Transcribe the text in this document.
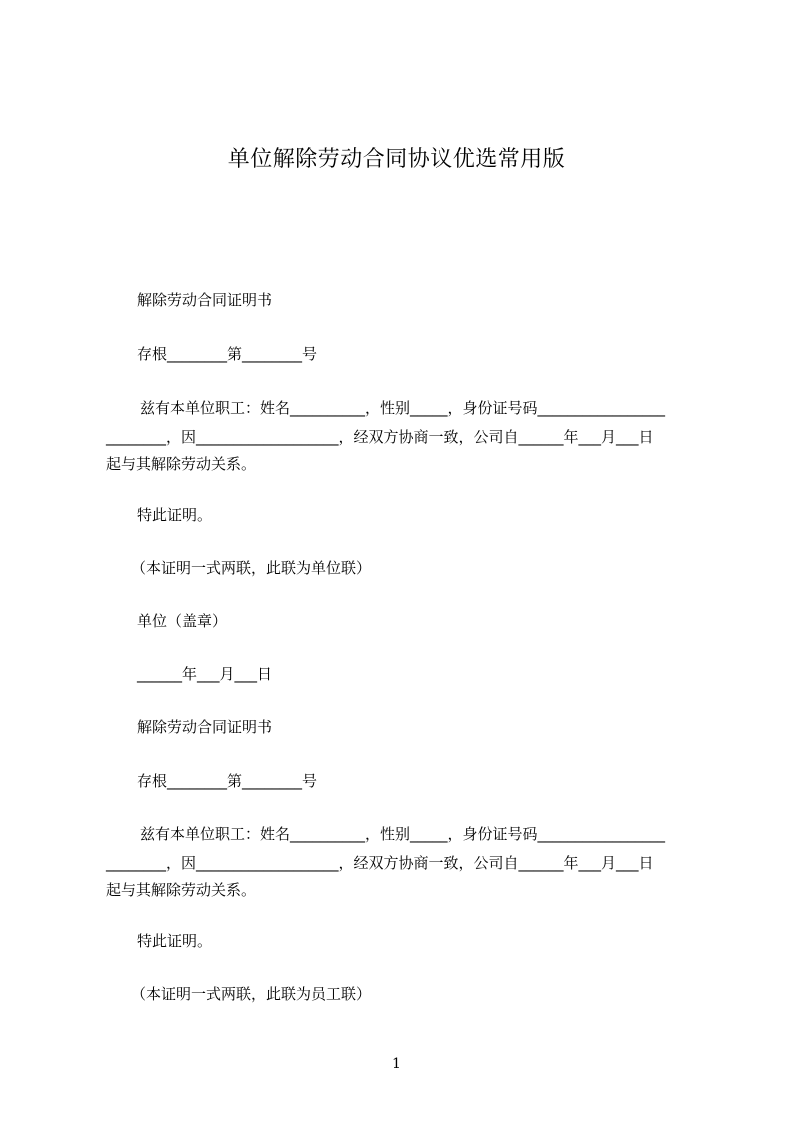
单位解除劳动合同协议优选常用版
解除劳动合同证明书
存根________第________号
兹有本单位职工：姓名__________，性别_____，身份证号码_________________
________，因___________________，经双方协商一致，公司自______年___月___日
起与其解除劳动关系。
特此证明。
（本证明一式两联，此联为单位联）
单位（盖章）
______年___月___日
解除劳动合同证明书
存根________第________号
兹有本单位职工：姓名__________，性别_____，身份证号码_________________
________，因___________________，经双方协商一致，公司自______年___月___日
起与其解除劳动关系。
特此证明。
（本证明一式两联，此联为员工联）
1
